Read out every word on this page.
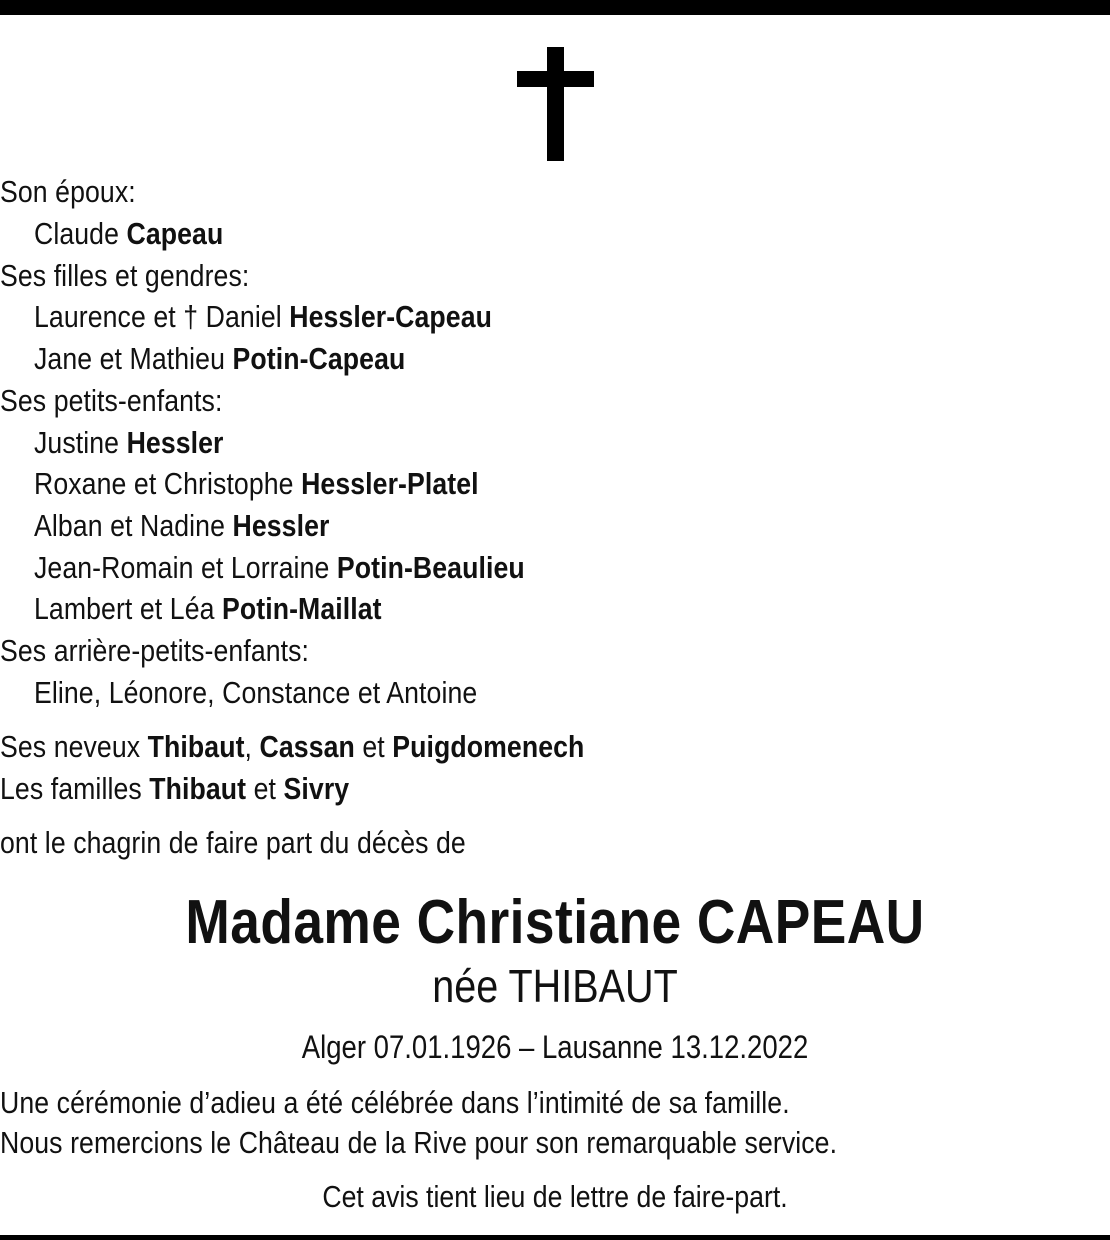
Son époux:
Claude Capeau
Ses filles et gendres:
Laurence et † Daniel Hessler-Capeau
Jane et Mathieu Potin-Capeau
Ses petits-enfants:
Justine Hessler
Roxane et Christophe Hessler-Platel
Alban et Nadine Hessler
Jean-Romain et Lorraine Potin-Beaulieu
Lambert et Léa Potin-Maillat
Ses arrière-petits-enfants:
Eline, Léonore, Constance et Antoine
Ses neveux Thibaut, Cassan et Puigdomenech
Les familles Thibaut et Sivry
ont le chagrin de faire part du décès de
Madame Christiane CAPEAU
née THIBAUT
Alger 07.01.1926 – Lausanne 13.12.2022
Une cérémonie d’adieu a été célébrée dans l’intimité de sa famille.
Nous remercions le Château de la Rive pour son remarquable service.
Cet avis tient lieu de lettre de faire-part.
